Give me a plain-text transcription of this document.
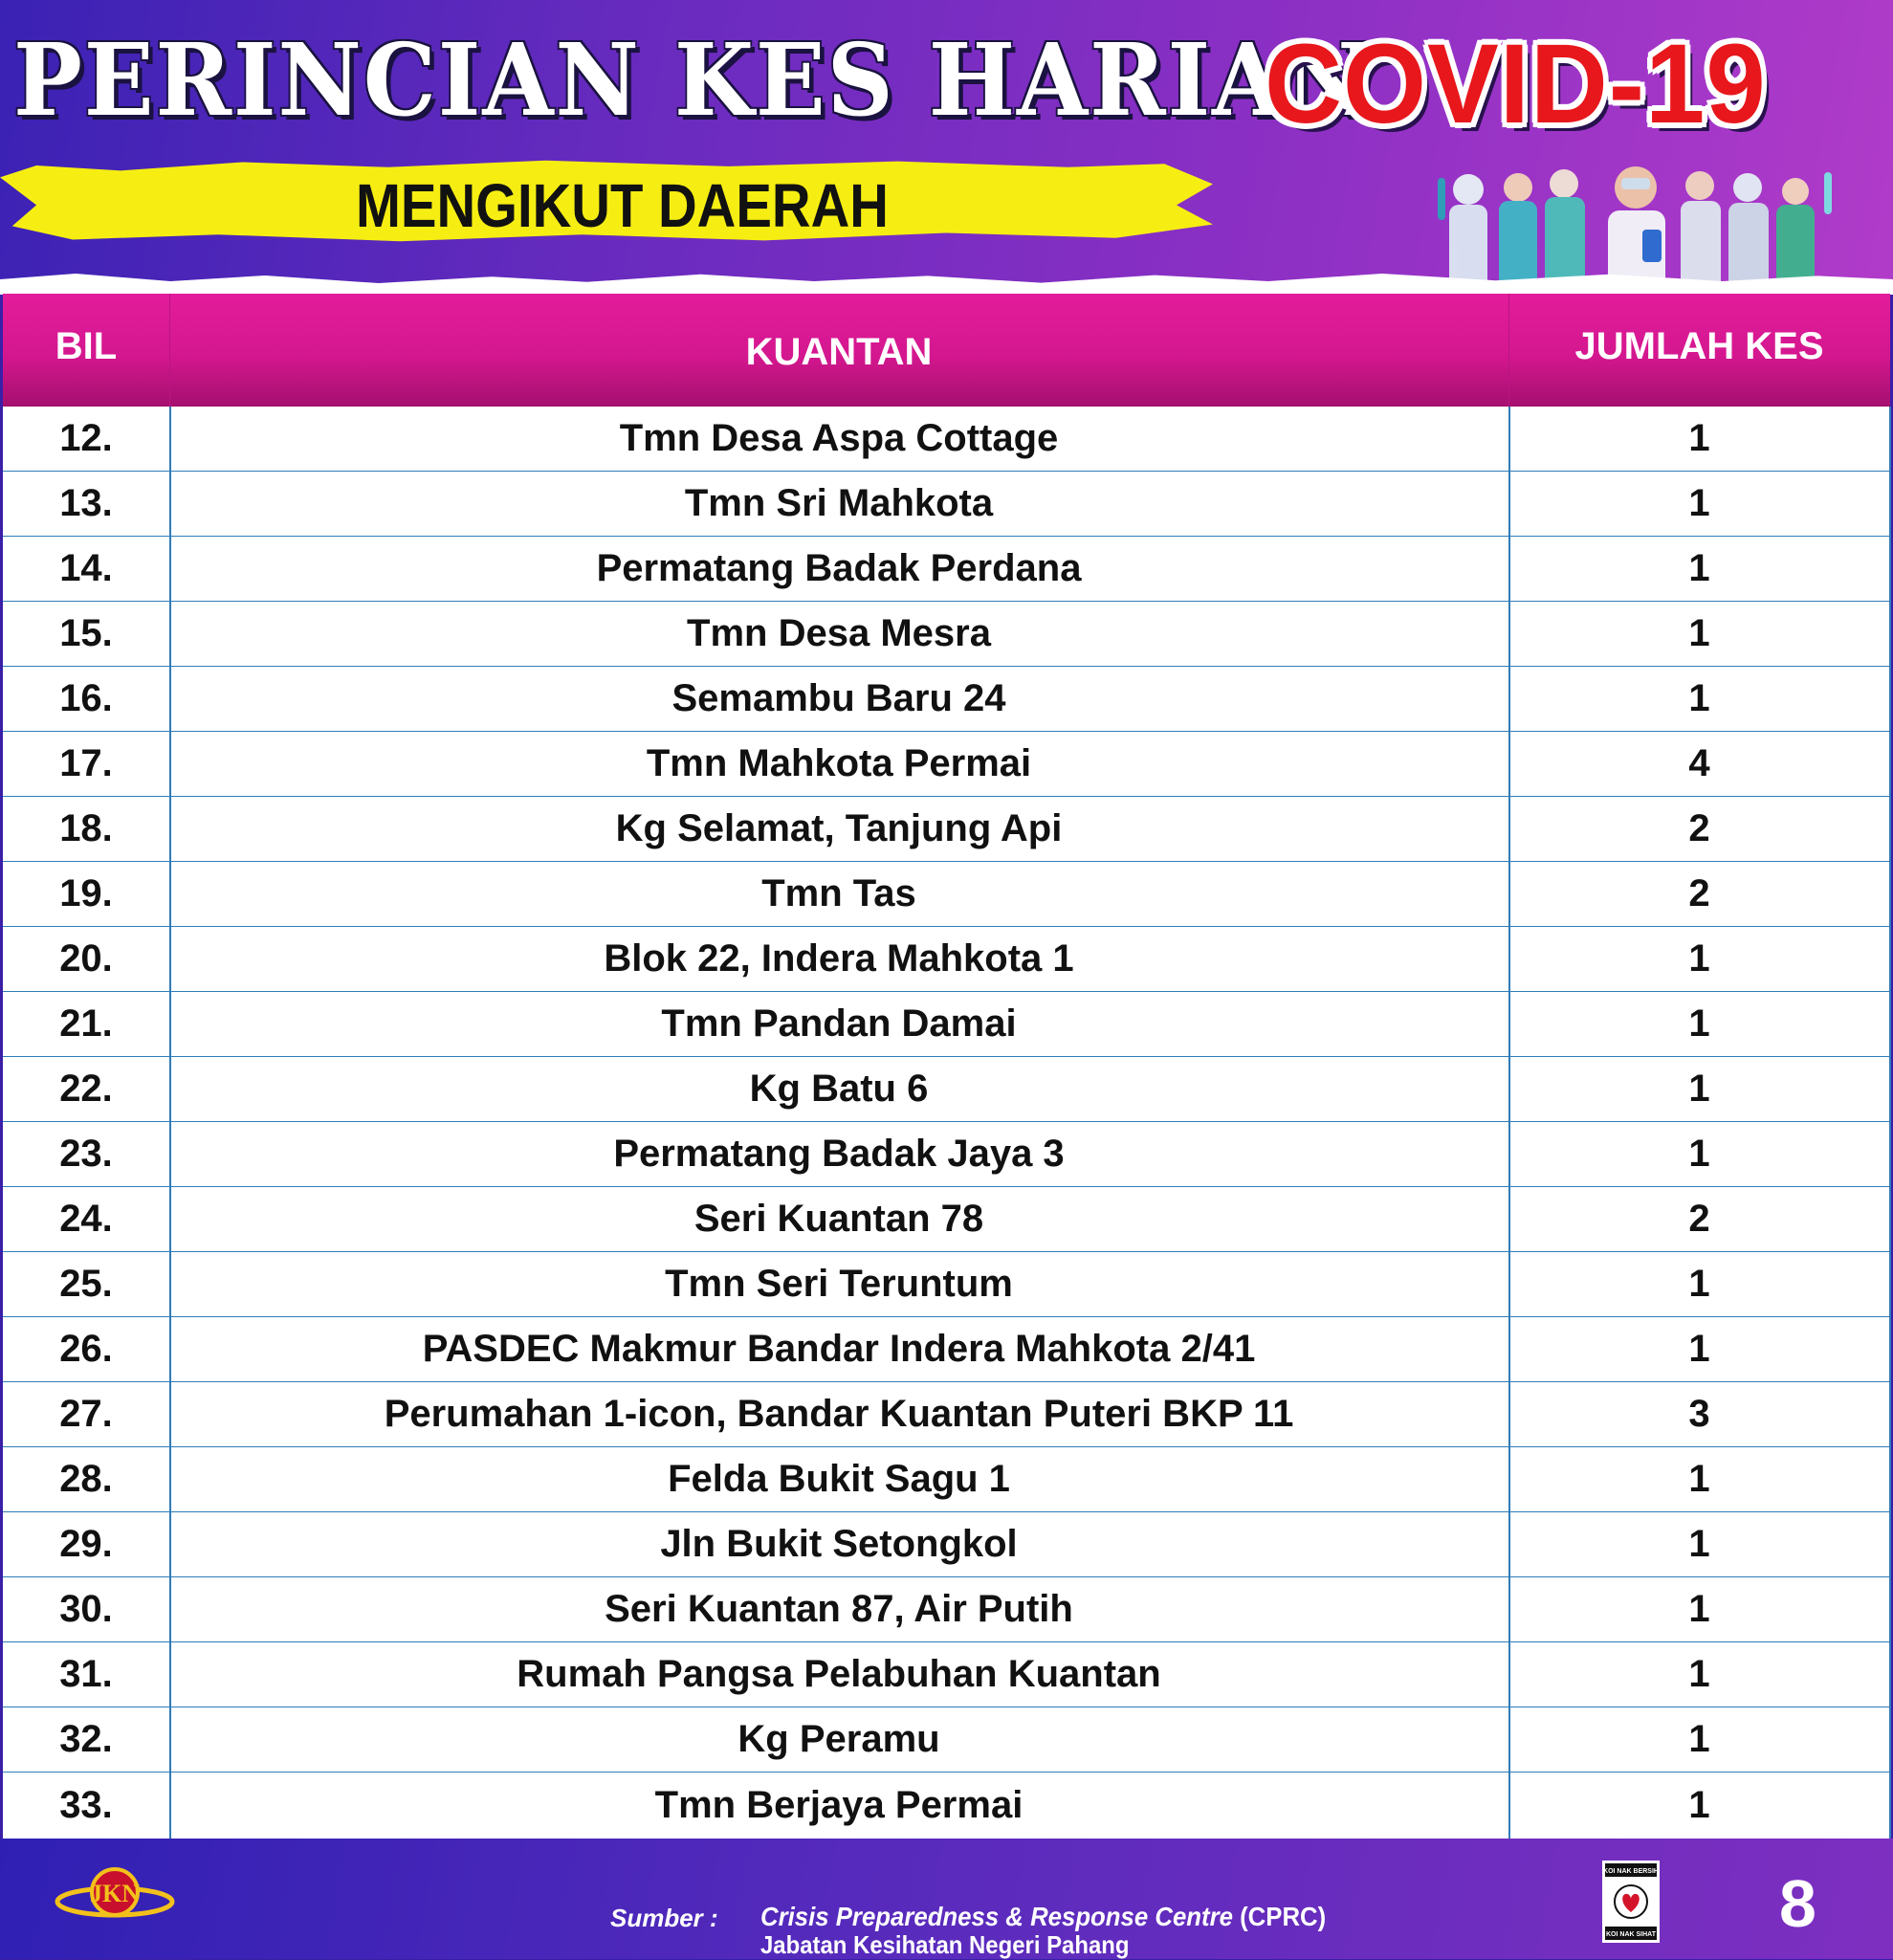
PERINCIAN KES HARIAN
COVID-19
MENGIKUT DAERAH
BIL	KUANTAN	JUMLAH KES
12.	Tmn Desa Aspa Cottage	1
13.	Tmn Sri Mahkota	1
14.	Permatang Badak Perdana	1
15.	Tmn Desa Mesra	1
16.	Semambu Baru 24	1
17.	Tmn Mahkota Permai	4
18.	Kg Selamat, Tanjung Api	2
19.	Tmn Tas	2
20.	Blok 22, Indera Mahkota 1	1
21.	Tmn Pandan Damai	1
22.	Kg Batu 6	1
23.	Permatang Badak Jaya 3	1
24.	Seri Kuantan 78	2
25.	Tmn Seri Teruntum	1
26.	PASDEC Makmur Bandar Indera Mahkota 2/41	1
27.	Perumahan 1-icon, Bandar Kuantan Puteri BKP 11	3
28.	Felda Bukit Sagu 1	1
29.	Jln Bukit Setongkol	1
30.	Seri Kuantan 87, Air Putih	1
31.	Rumah Pangsa Pelabuhan Kuantan	1
32.	Kg Peramu	1
33.	Tmn Berjaya Permai	1
JKN
Sumber : Crisis Preparedness & Response Centre (CPRC)
Jabatan Kesihatan Negeri Pahang
KOI NAK BERSIH
KOI NAK SIHAT 8
